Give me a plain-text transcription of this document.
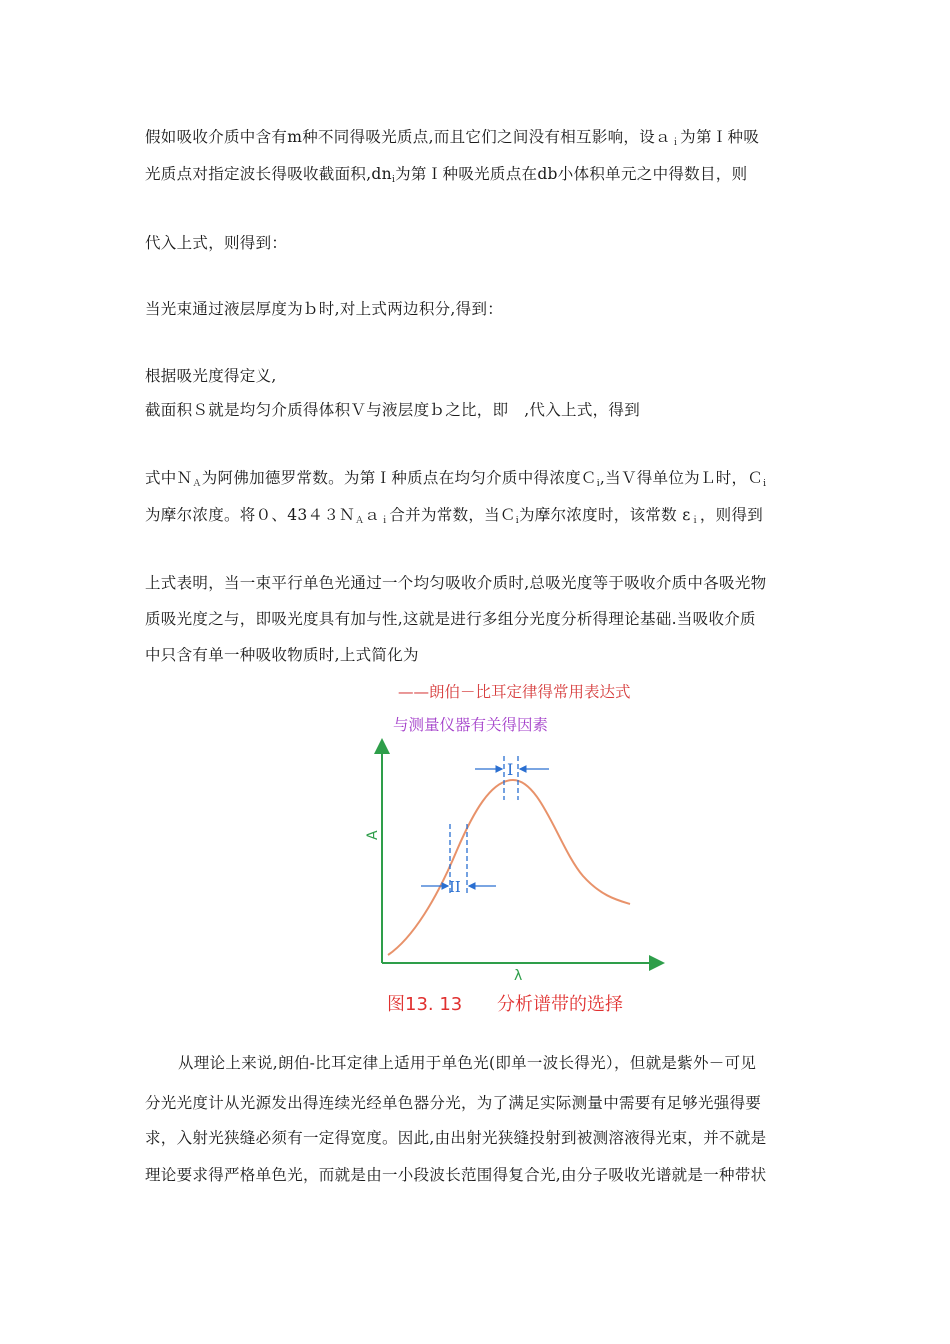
假如吸收介质中含有m种不同得吸光质点,而且它们之间没有相互影响，设ａ$_i$为第Ｉ种吸
光质点对指定波长得吸收截面积$,dn_i$为第Ｉ种吸光质点在db小体积单元之中得数目，则
代入上式，则得到：
当光束通过液层厚度为ｂ时,对上式两边积分,得到：
根据吸光度得定义,
截面积Ｓ就是均匀介质得体积Ｖ与液层度ｂ之比，即　,代入上式，得到
式中Ｎ$_A$为阿佛加德罗常数。为第Ｉ种质点在均匀介质中得浓度Ｃ$_i$,当Ｖ得单位为Ｌ时，Ｃ$_i$
为摩尔浓度。将０、43４３Ｎ$_A$ａ$_i$合并为常数，当Ｃ$_i$为摩尔浓度时，该常数 $\varepsilon_i$，则得到
上式表明，当一束平行单色光通过一个均匀吸收介质时,总吸光度等于吸收介质中各吸光物
质吸光度之与，即吸光度具有加与性,这就是进行多组分光度分析得理论基础.当吸收介质
中只含有单一种吸收物质时,上式简化为
——朗伯－比耳定律得常用表达式
与测量仪器有关得因素
A
λ
I
II
图13. 13 分析谱带的选择
从理论上来说,朗伯-比耳定律上适用于单色光(即单一波长得光），但就是紫外－可见
分光光度计从光源发出得连续光经单色器分光，为了满足实际测量中需要有足够光强得要
求，入射光狭缝必须有一定得宽度。因此,由出射光狭缝投射到被测溶液得光束，并不就是
理论要求得严格单色光，而就是由一小段波长范围得复合光,由分子吸收光谱就是一种带状
